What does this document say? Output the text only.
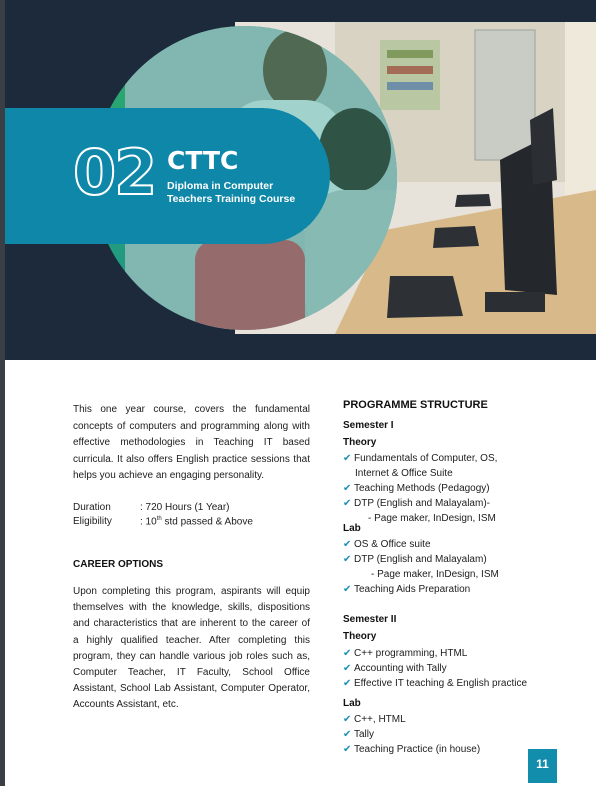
02 CTTC
Diploma in Computer
Teachers Training Course
This one year course, covers the fundamental concepts of computers and programming along with effective methodologies in Teaching IT based curricula. It also offers English practice sessions that helps you achieve an engaging personality.
Duration	: 720 Hours (1 Year)
Eligibility	: 10th std passed & Above
CAREER OPTIONS
Upon completing this program, aspirants will equip themselves with the knowledge, skills, dispositions and characteristics that are inherent to the career of a highly qualified teacher. After completing this program, they can handle various job roles such as, Computer Teacher, IT Faculty, School Office Assistant, School Lab Assistant, Computer Operator, Accounts Assistant, etc.
PROGRAMME STRUCTURE
Semester I
Theory
✔ Fundamentals of Computer, OS,
Internet & Office Suite
✔ Teaching Methods (Pedagogy)
✔ DTP (English and Malayalam)-
- Page maker, InDesign, ISM
Lab
✔ OS & Office suite
✔ DTP (English and Malayalam)
- Page maker, InDesign, ISM
✔ Teaching Aids Preparation
Semester II
Theory
✔ C++ programming, HTML
✔ Accounting with Tally
✔ Effective IT teaching & English practice
Lab
✔ C++, HTML
✔ Tally
✔ Teaching Practice (in house)
11
